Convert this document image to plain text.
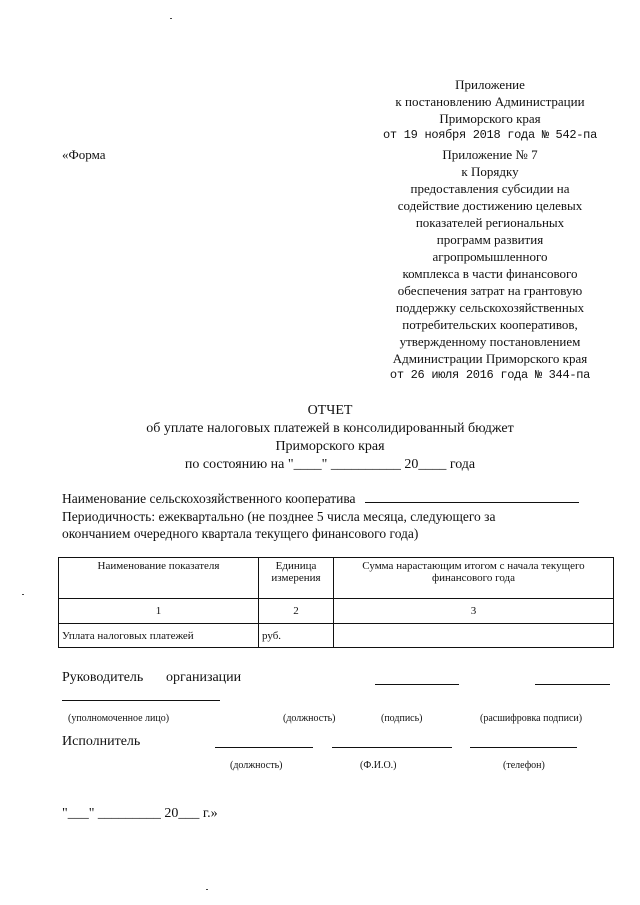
Приложение
к постановлению Администрации
Приморского края
от 19 ноября 2018 года № 542-па
«Форма	Приложение № 7
к Порядку
предоставления субсидии на
содействие достижению целевых
показателей региональных
программ развития
агропромышленного
комплекса в части финансового
обеспечения затрат на грантовую
поддержку сельскохозяйственных
потребительских кооперативов,
утвержденному постановлением
Администрации Приморского края
от 26 июля 2016 года № 344-па
ОТЧЕТ
об уплате налоговых платежей в консолидированный бюджет
Приморского края
по состоянию на "____" __________ 20____ года
Наименование сельскохозяйственного кооператива
Периодичность: ежеквартально (не позднее 5 числа месяца, следующего за
окончанием очередного квартала текущего финансового года)
Наименование показателя	Единица измерения	Сумма нарастающим итогом с начала текущего финансового года
1	2	3
Уплата налоговых платежей	руб.	
Руководитель организации
(уполномоченное лицо)	(должность)	(подпись)	(расшифровка подписи)
Исполнитель
(должность)	(Ф.И.О.)	(телефон)
"___" _________ 20___ г.»
